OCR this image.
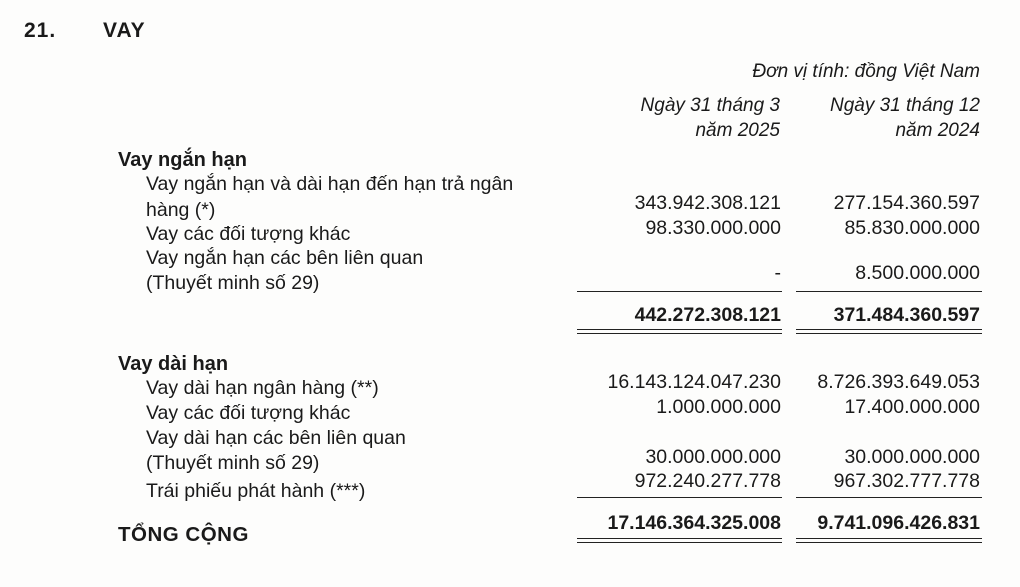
21. VAY
Đơn vị tính: đồng Việt Nam
Ngày 31 tháng 3
năm 2025
Ngày 31 tháng 12
năm 2024
Vay ngắn hạn
Vay ngắn hạn và dài hạn đến hạn trả ngân
hàng (*)	343.942.308.121	277.154.360.597
Vay các đối tượng khác	98.330.000.000	85.830.000.000
Vay ngắn hạn các bên liên quan
(Thuyết minh số 29)	-	8.500.000.000
442.272.308.121	371.484.360.597
Vay dài hạn
Vay dài hạn ngân hàng (**)	16.143.124.047.230 8.726.393.649.053
Vay các đối tượng khác	1.000.000.000	17.400.000.000
Vay dài hạn các bên liên quan
(Thuyết minh số 29)	30.000.000.000	30.000.000.000
Trái phiếu phát hành (***)	972.240.277.778	967.302.777.778
TỔNG CỘNG	17.146.364.325.008 9.741.096.426.831
